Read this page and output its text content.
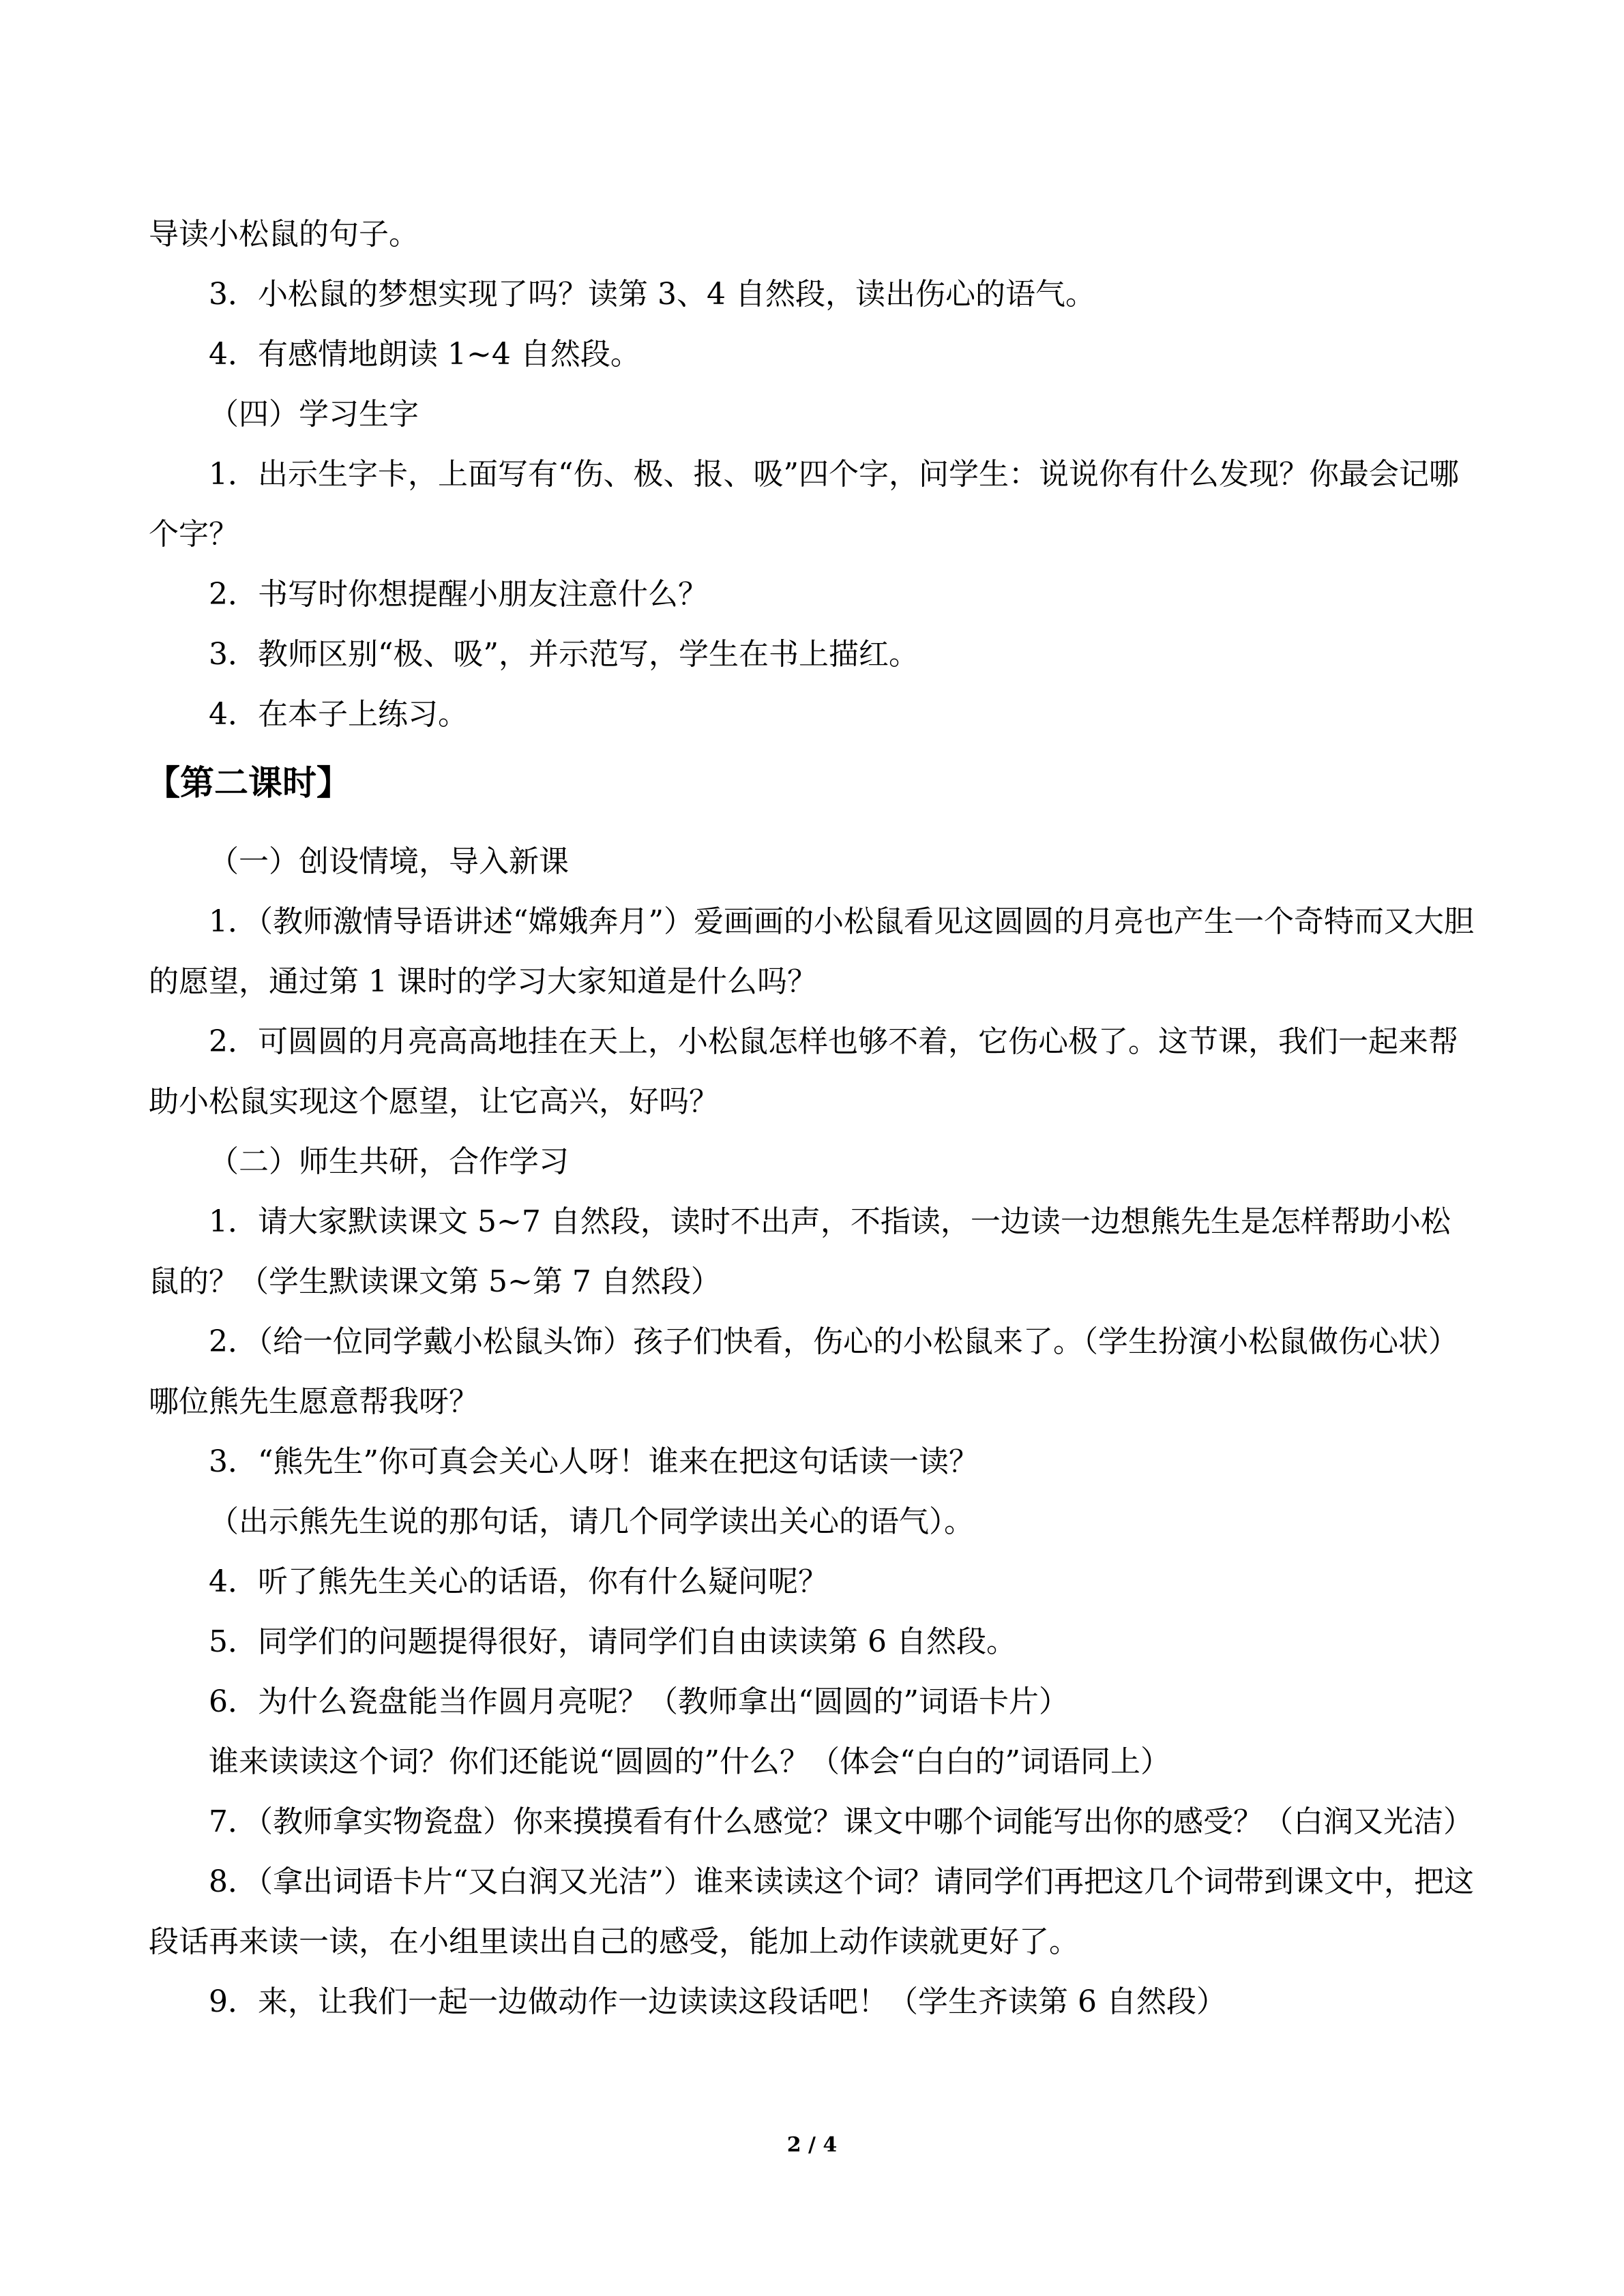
导读小松鼠的句子。

3．小松鼠的梦想实现了吗？读第 3、4 自然段，读出伤心的语气。

4．有感情地朗读 1~4 自然段。

（四）学习生字

1．出示生字卡，上面写有“伤、极、报、吸”四个字，问学生：说说你有什么发现？你最会记哪个字？

2．书写时你想提醒小朋友注意什么？

3．教师区别“极、吸”，并示范写，学生在书上描红。

4．在本子上练习。

【第二课时】

（一）创设情境，导入新课

1．（教师激情导语讲述“嫦娥奔月”）爱画画的小松鼠看见这圆圆的月亮也产生一个奇特而又大胆的愿望，通过第 1 课时的学习大家知道是什么吗？

2．可圆圆的月亮高高地挂在天上，小松鼠怎样也够不着，它伤心极了。这节课，我们一起来帮助小松鼠实现这个愿望，让它高兴，好吗？

（二）师生共研，合作学习

1．请大家默读课文 5~7 自然段，读时不出声，不指读，一边读一边想熊先生是怎样帮助小松鼠的？（学生默读课文第 5~第 7 自然段）

2．（给一位同学戴小松鼠头饰）孩子们快看，伤心的小松鼠来了。（学生扮演小松鼠做伤心状）哪位熊先生愿意帮我呀？

3．“熊先生”你可真会关心人呀！谁来在把这句话读一读？

（出示熊先生说的那句话，请几个同学读出关心的语气）。

4．听了熊先生关心的话语，你有什么疑问呢？

5．同学们的问题提得很好，请同学们自由读读第 6 自然段。

6．为什么瓷盘能当作圆月亮呢？（教师拿出“圆圆的”词语卡片）

谁来读读这个词？你们还能说“圆圆的”什么？（体会“白白的”词语同上）

7．（教师拿实物瓷盘）你来摸摸看有什么感觉？课文中哪个词能写出你的感受？（白润又光洁）

8．（拿出词语卡片“又白润又光洁”）谁来读读这个词？请同学们再把这几个词带到课文中，把这段话再来读一读，在小组里读出自己的感受，能加上动作读就更好了。

9．来，让我们一起一边做动作一边读读这段话吧！（学生齐读第 6 自然段）

2 / 4
